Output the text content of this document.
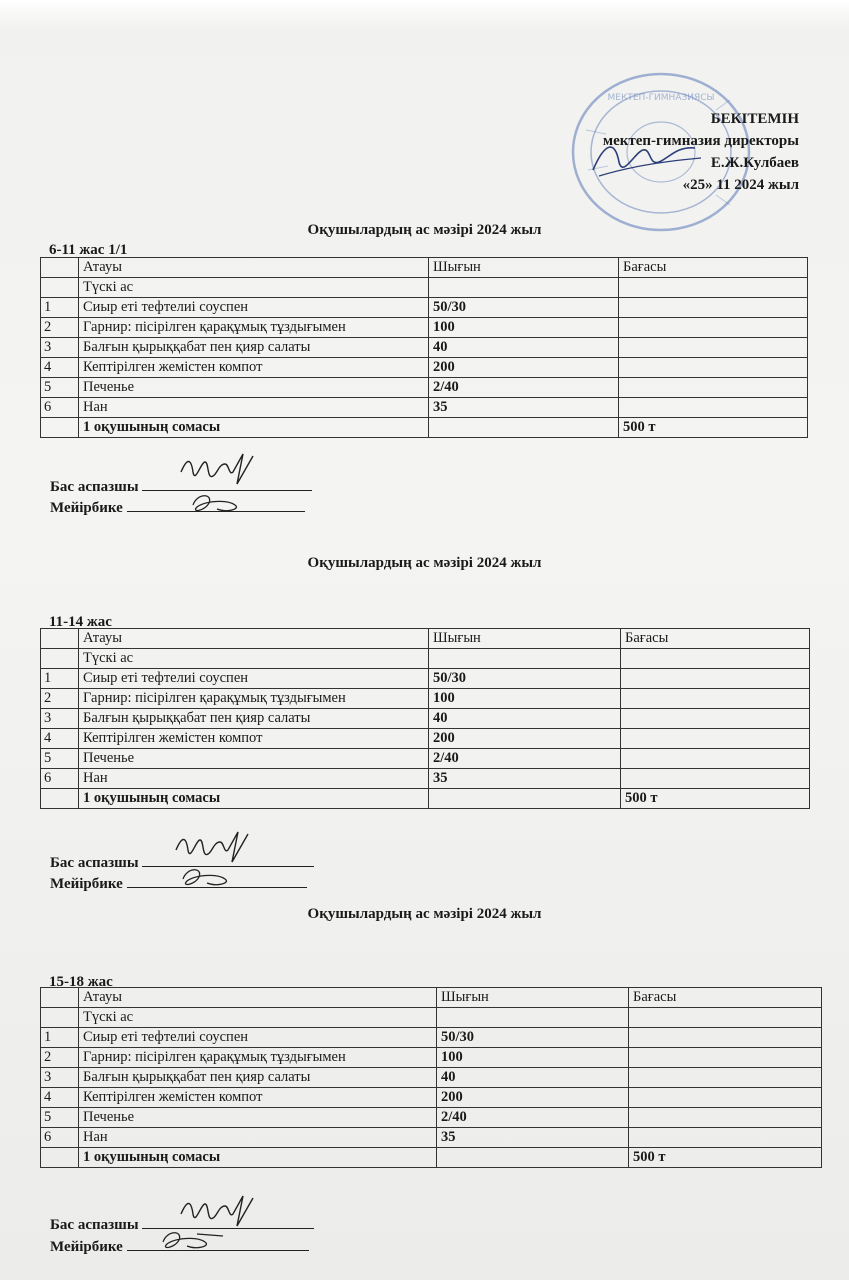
МЕКТЕП-ГИМНАЗИЯСЫ
БЕКІТЕМІН
мектеп-гимназия директоры
Е.Ж.Кулбаев
«25» 11 2024 жыл
Оқушылардың ас мәзірі 2024 жыл
6-11 жас 1/1
	Атауы	Шығын	Бағасы
	Түскі ас		
1	Сиыр еті тефтелиі соуспен	50/30	
2	Гарнир: пісірілген қарақұмық тұздығымен	100	
3	Балғын қырыққабат пен қияр салаты	40	
4	Кептірілген жемістен компот	200	
5	Печенье	2/40	
6	Нан	35	
	1 оқушының сомасы		500 т
Бас аспазшы
Мейірбике
Оқушылардың ас мәзірі 2024 жыл
11-14 жас
	Атауы	Шығын	Бағасы
	Түскі ас		
1	Сиыр еті тефтелиі соуспен	50/30	
2	Гарнир: пісірілген қарақұмық тұздығымен	100	
3	Балғын қырыққабат пен қияр салаты	40	
4	Кептірілген жемістен компот	200	
5	Печенье	2/40	
6	Нан	35	
	1 оқушының сомасы		500 т
Бас аспазшы
Мейірбике
Оқушылардың ас мәзірі 2024 жыл
15-18 жас
	Атауы	Шығын	Бағасы
	Түскі ас		
1	Сиыр еті тефтелиі соуспен	50/30	
2	Гарнир: пісірілген қарақұмық тұздығымен	100	
3	Балғын қырыққабат пен қияр салаты	40	
4	Кептірілген жемістен компот	200	
5	Печенье	2/40	
6	Нан	35	
	1 оқушының сомасы		500 т
Бас аспазшы
Мейірбике
